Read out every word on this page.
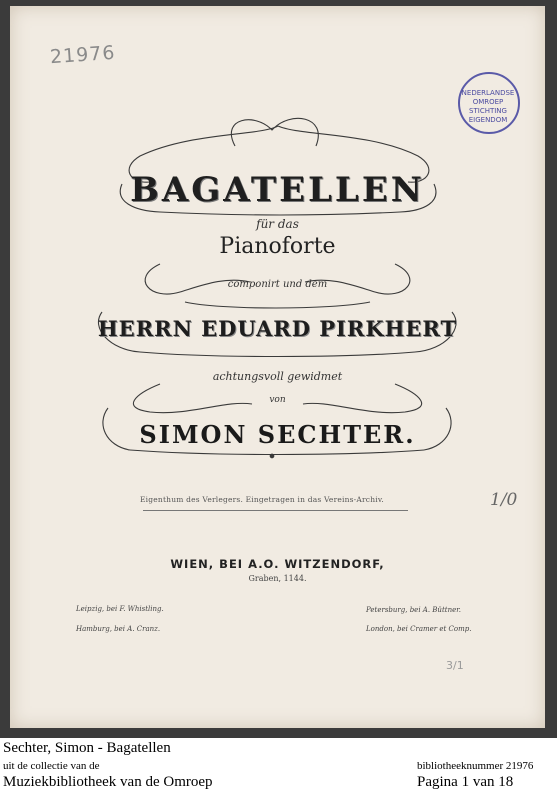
21976
NEDERLANDSE OMROEP STICHTING EIGENDOM
BAGATELLEN
für das
Pianoforte
componirt und dem
HERRN EDUARD PIRKHERT
achtungsvoll gewidmet
von
SIMON SECHTER.
Eigenthum des Verlegers. Eingetragen in das Vereins-Archiv.	1/0
WIEN, BEI A.O. WITZENDORF,
Graben, 1144.
Leipzig, bei F. Whistling.
Hamburg, bei A. Cranz.
Petersburg, bei A. Büttner.
London, bei Cramer et Comp.
3/1
Sechter, Simon - Bagatellen
uit de collectie van de
Muziekbibliotheek van de Omroep
bibliotheeknummer 21976
Pagina 1 van 18
